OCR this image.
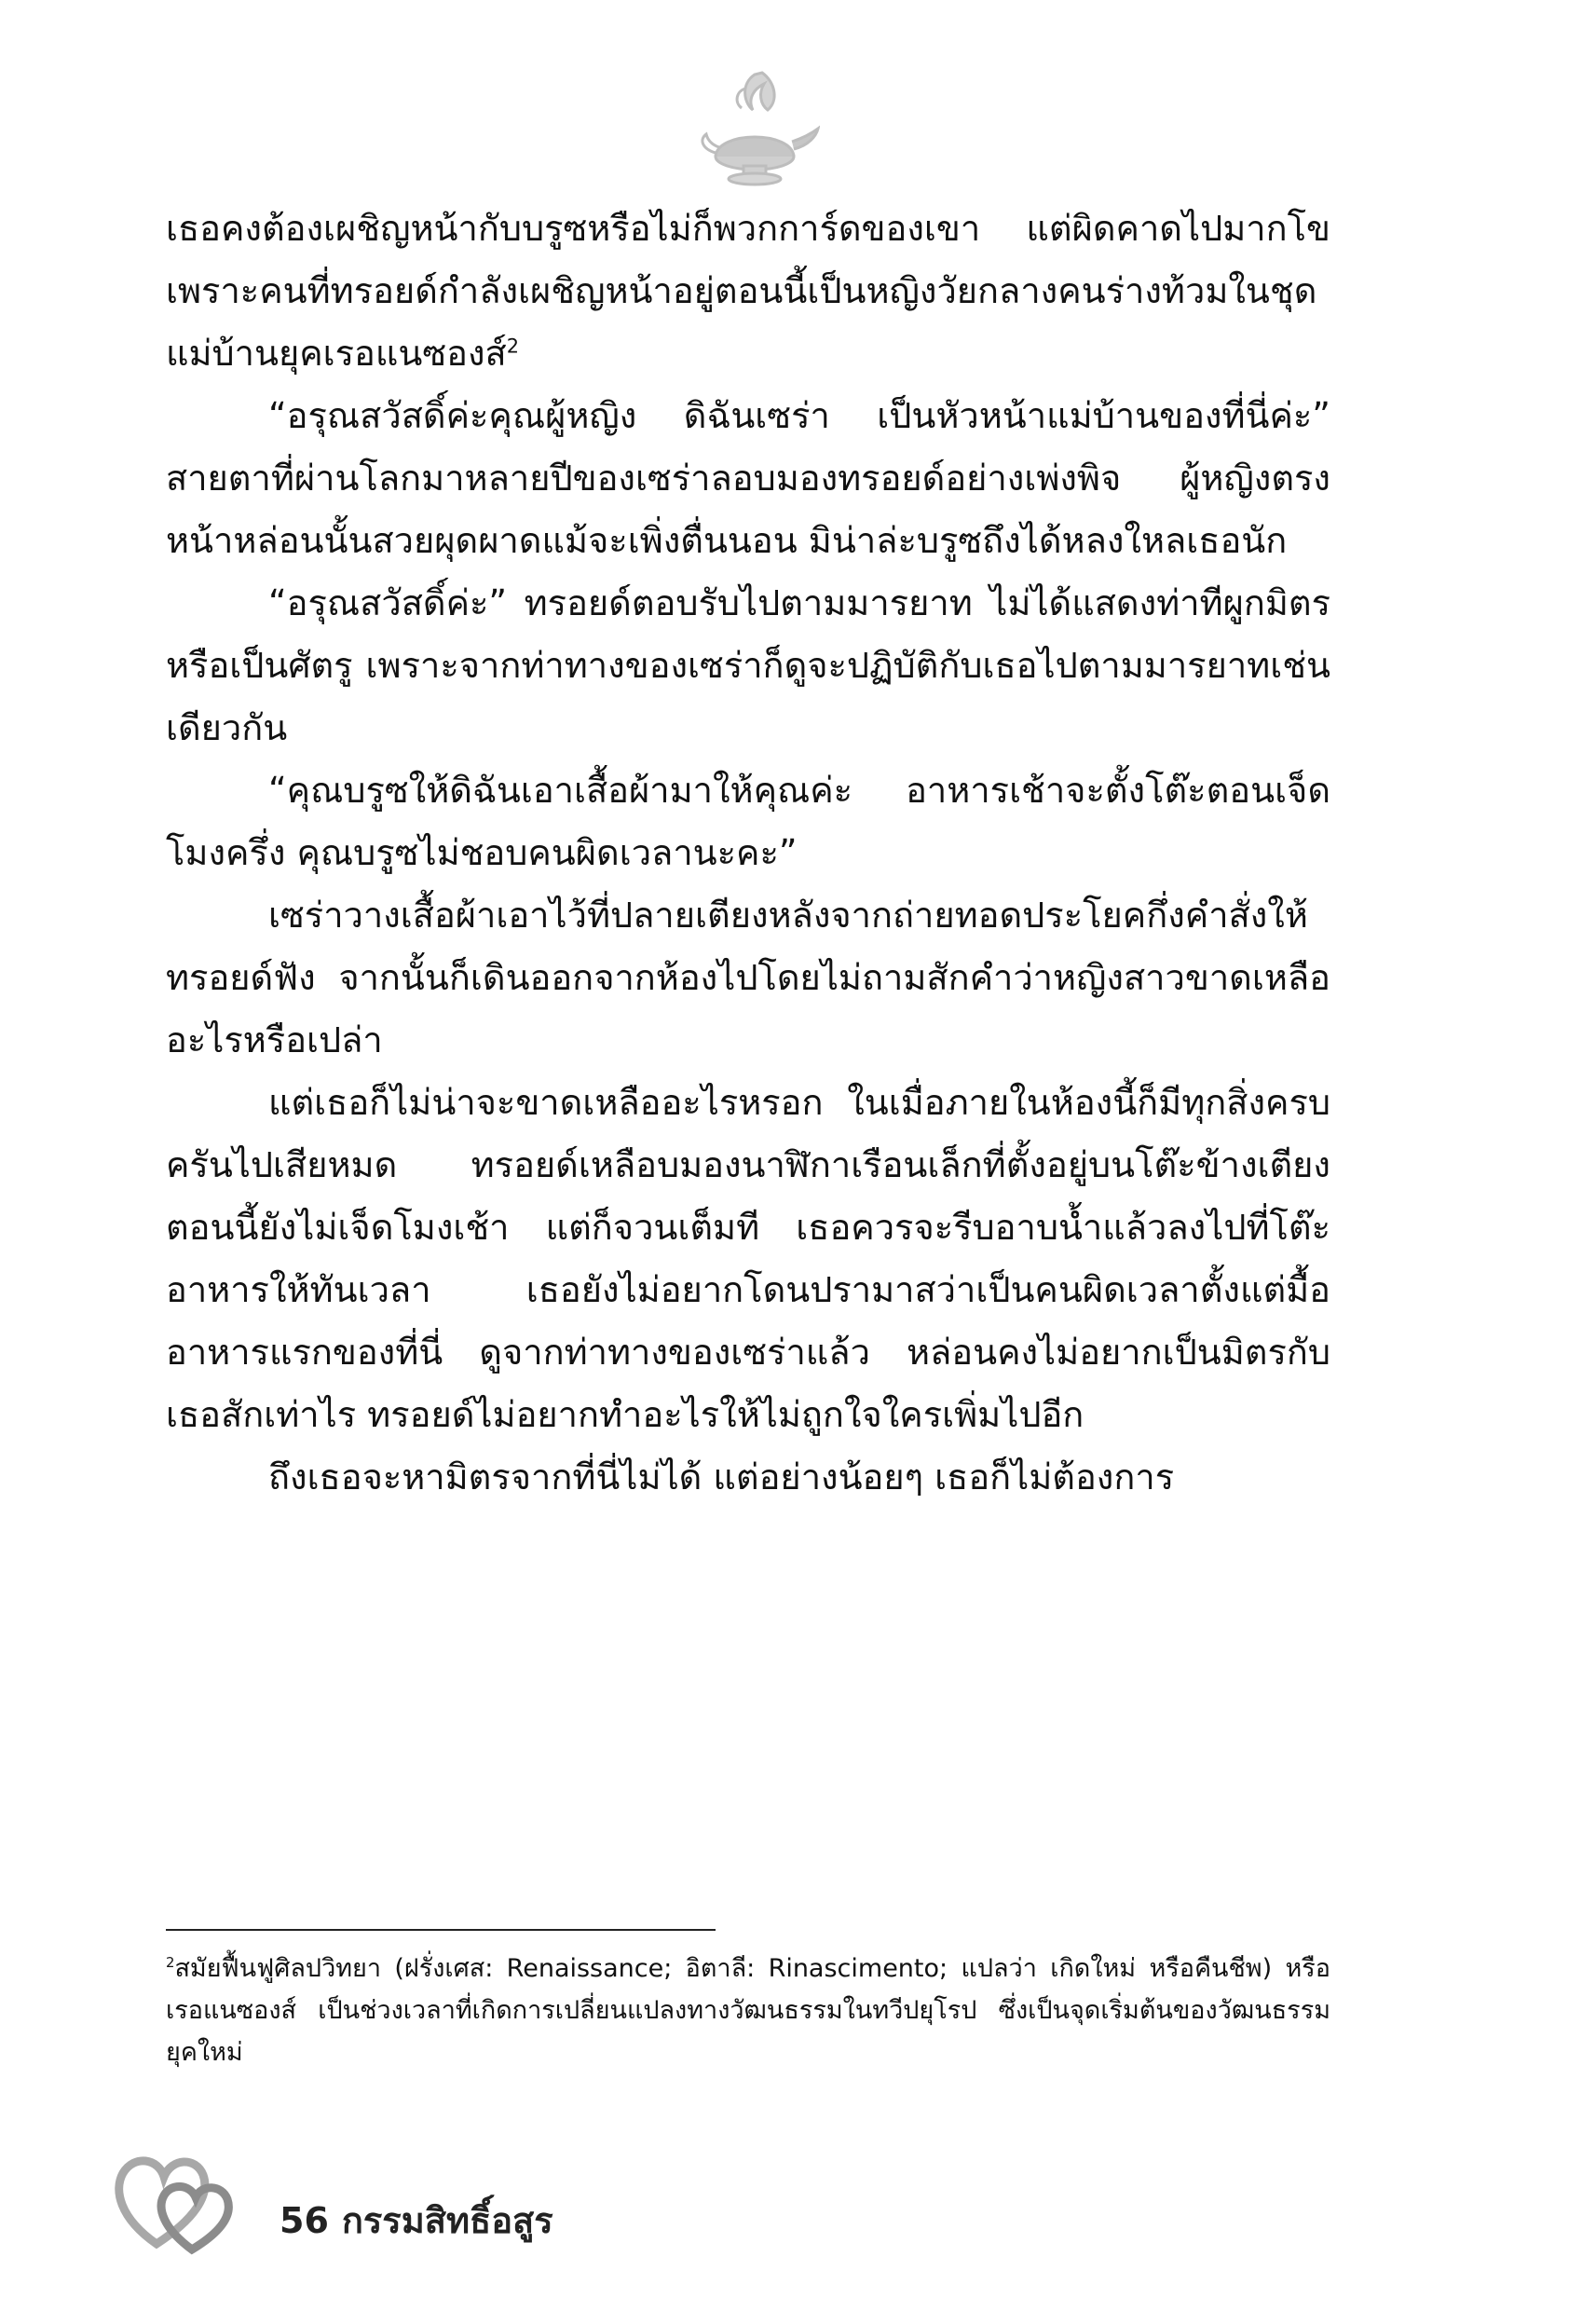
เธอคงต้องเผชิญหน้ากับบรูซหรือไม่ก็พวกการ์ดของเขา แต่ผิดคาดไปมากโข เพราะคนที่ทรอยด์กำลังเผชิญหน้าอยู่ตอนนี้เป็นหญิงวัยกลางคนร่างท้วมในชุดแม่บ้านยุคเรอแนซองส์$^2$

“อรุณสวัสดิ์ค่ะคุณผู้หญิง ดิฉันเซร่า เป็นหัวหน้าแม่บ้านของที่นี่ค่ะ” สายตาที่ผ่านโลกมาหลายปีของเซร่าลอบมองทรอยด์อย่างเพ่งพิจ ผู้หญิงตรงหน้าหล่อนนั้นสวยผุดผาดแม้จะเพิ่งตื่นนอน มิน่าล่ะบรูซถึงได้หลงใหลเธอนัก

“อรุณสวัสดิ์ค่ะ” ทรอยด์ตอบรับไปตามมารยาท ไม่ได้แสดงท่าทีผูกมิตรหรือเป็นศัตรู เพราะจากท่าทางของเซร่าก็ดูจะปฏิบัติกับเธอไปตามมารยาทเช่นเดียวกัน

“คุณบรูซให้ดิฉันเอาเสื้อผ้ามาให้คุณค่ะ อาหารเช้าจะตั้งโต๊ะตอนเจ็ดโมงครึ่ง คุณบรูซไม่ชอบคนผิดเวลานะคะ”

เซร่าวางเสื้อผ้าเอาไว้ที่ปลายเตียงหลังจากถ่ายทอดประโยคกึ่งคำสั่งให้ทรอยด์ฟัง จากนั้นก็เดินออกจากห้องไปโดยไม่ถามสักคำว่าหญิงสาวขาดเหลืออะไรหรือเปล่า

แต่เธอก็ไม่น่าจะขาดเหลืออะไรหรอก ในเมื่อภายในห้องนี้ก็มีทุกสิ่งครบครันไปเสียหมด ทรอยด์เหลือบมองนาฬิกาเรือนเล็กที่ตั้งอยู่บนโต๊ะข้างเตียง ตอนนี้ยังไม่เจ็ดโมงเช้า แต่ก็จวนเต็มที เธอควรจะรีบอาบน้ำแล้วลงไปที่โต๊ะอาหารให้ทันเวลา เธอยังไม่อยากโดนปรามาสว่าเป็นคนผิดเวลาตั้งแต่มื้ออาหารแรกของที่นี่ ดูจากท่าทางของเซร่าแล้ว หล่อนคงไม่อยากเป็นมิตรกับเธอสักเท่าไร ทรอยด์ไม่อยากทำอะไรให้ไม่ถูกใจใครเพิ่มไปอีก

ถึงเธอจะหามิตรจากที่นี่ไม่ได้ แต่อย่างน้อยๆ เธอก็ไม่ต้องการ

$^2$สมัยฟื้นฟูศิลปวิทยา (ฝรั่งเศส: Renaissance; อิตาลี: Rinascimento; แปลว่า เกิดใหม่ หรือคืนชีพ) หรือ เรอแนซองส์ เป็นช่วงเวลาที่เกิดการเปลี่ยนแปลงทางวัฒนธรรมในทวีปยุโรป ซึ่งเป็นจุดเริ่มต้นของวัฒนธรรมยุคใหม่
56 กรรมสิทธิ์อสูร
